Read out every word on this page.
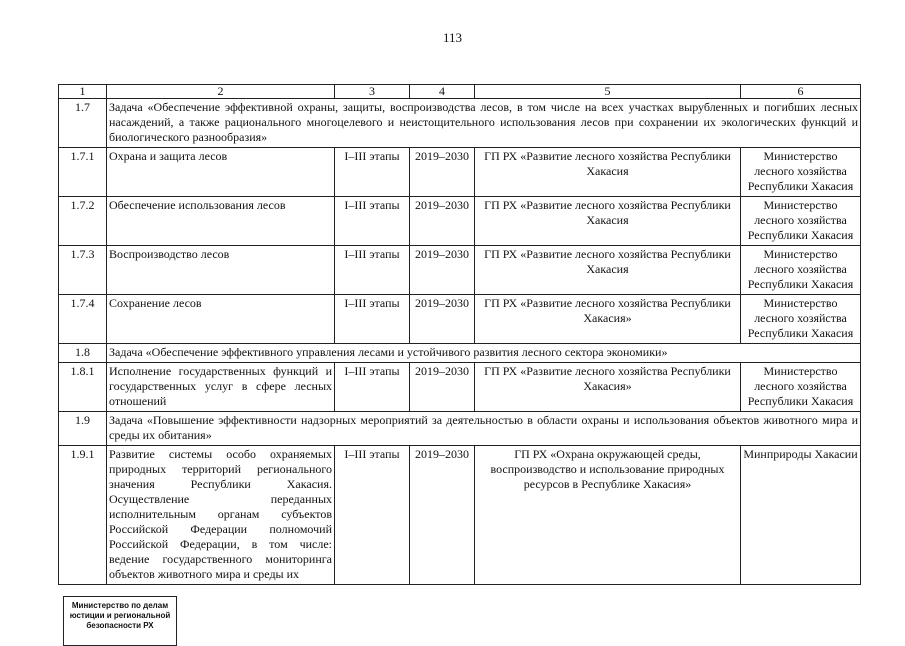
113
1	2	3	4	5	6
1.7	Задача «Обеспечение эффективной охраны, защиты, воспроизводства лесов, в том числе на всех участках вырубленных и погибших лесных насаждений, а также рационального многоцелевого и неистощительного использования лесов при сохранении их экологических функций и биологического разнообразия»				
1.7.1	Охрана и защита лесов	I–III этапы	2019–2030	ГП РХ «Развитие лесного хозяйства Республики Хакасия	Министерство лесного хозяйства Республики Хакасия
1.7.2	Обеспечение использования лесов	I–III этапы	2019–2030	ГП РХ «Развитие лесного хозяйства Республики Хакасия	Министерство лесного хозяйства Республики Хакасия
1.7.3	Воспроизводство лесов	I–III этапы	2019–2030	ГП РХ «Развитие лесного хозяйства Республики Хакасия	Министерство лесного хозяйства Республики Хакасия
1.7.4	Сохранение лесов	I–III этапы	2019–2030	ГП РХ «Развитие лесного хозяйства Республики Хакасия»	Министерство лесного хозяйства Республики Хакасия
1.8	Задача «Обеспечение эффективного управления лесами и устойчивого развития лесного сектора экономики»				
1.8.1	Исполнение государственных функций и государственных услуг в сфере лесных отношений	I–III этапы	2019–2030	ГП РХ «Развитие лесного хозяйства Республики Хакасия»	Министерство лесного хозяйства Республики Хакасия
1.9	Задача «Повышение эффективности надзорных мероприятий за деятельностью в области охраны и использования объектов животного мира и среды их обитания»				
1.9.1	Развитие системы особо охраняемых природных территорий регионального значения Республики Хакасия. Осуществление переданных исполнительным органам субъектов Российской Федерации полномочий Российской Федерации, в том числе: ведение государственного мониторинга объектов животного мира и среды их	I–III этапы	2019–2030	ГП РХ «Охрана окружающей среды, воспроизводство и использование природных ресурсов в Республике Хакасия»	Минприроды Хакасии
Министерство по делам
юстиции и региональной
безопасности РХ
